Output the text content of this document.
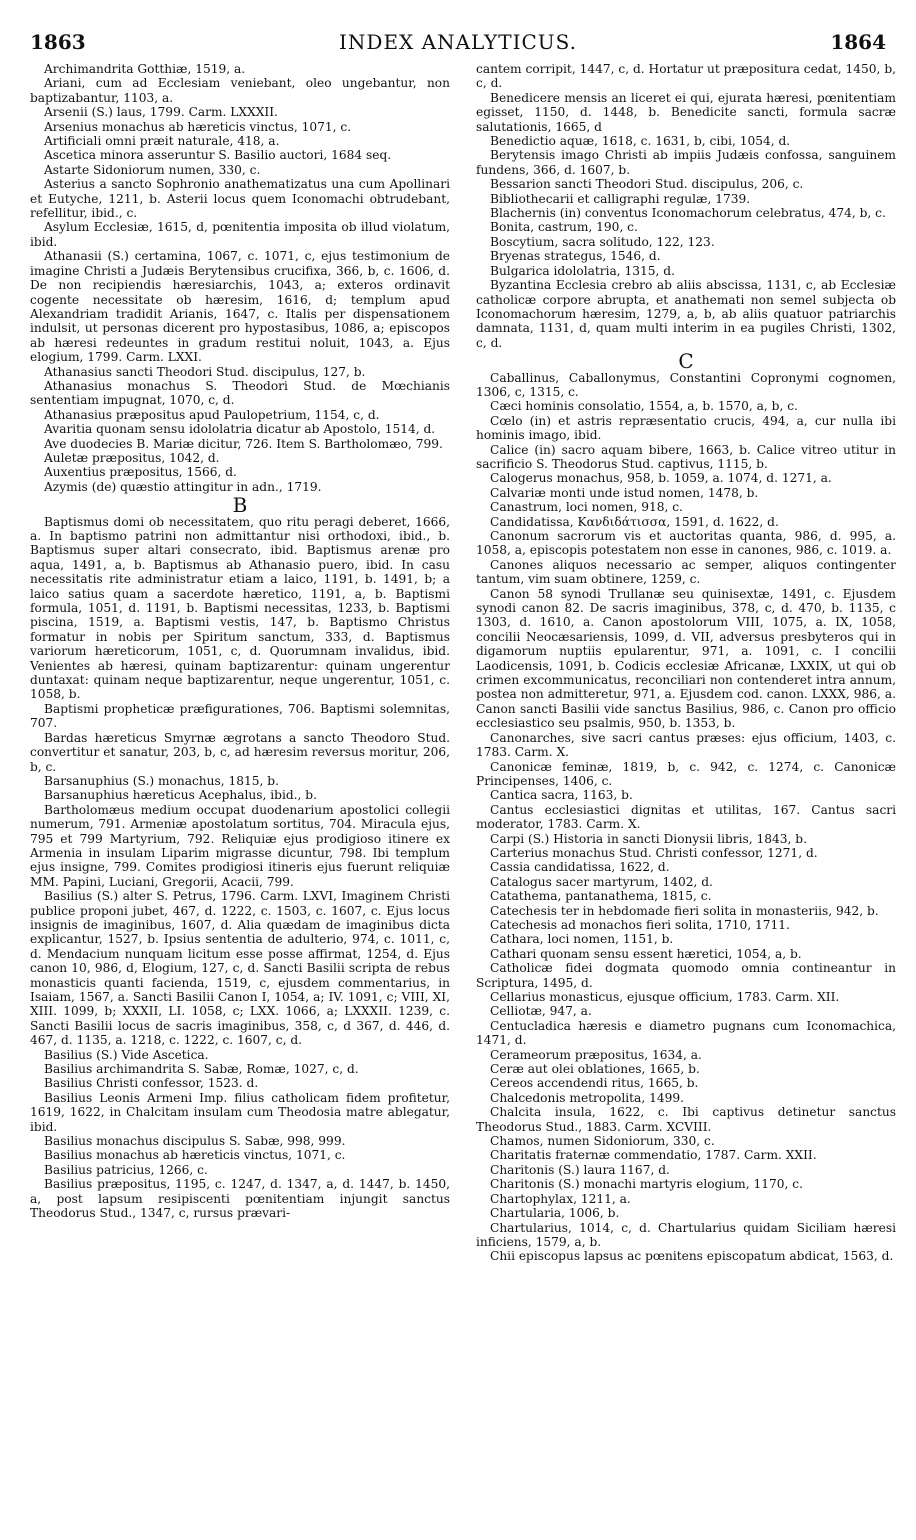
1863	INDEX ANALYTICUS.	1864

Archimandrita Gotthiæ, 1519, a.

Ariani, cum ad Ecclesiam veniebant, oleo ungebantur, non baptizabantur, 1103, a.

Arsenii (S.) laus, 1799. Carm. LXXXII.

Arsenius monachus ab hæreticis vinctus, 1071, c.

Artificiali omni præit naturale, 418, a.

Ascetica minora asseruntur S. Basilio auctori, 1684 seq.

Astarte Sidoniorum numen, 330, c.

Asterius a sancto Sophronio anathematizatus una cum Apollinari et Eutyche, 1211, b. Asterii locus quem Iconomachi obtrudebant, refellitur, ibid., c.

Asylum Ecclesiæ, 1615, d, pœnitentia imposita ob illud violatum, ibid.

Athanasii (S.) certamina, 1067, c. 1071, c, ejus testimonium de imagine Christi a Judæis Berytensibus crucifixa, 366, b, c. 1606, d. De non recipiendis hæresiarchis, 1043, a; exteros ordinavit cogente necessitate ob hæresim, 1616, d; templum apud Alexandriam tradidit Arianis, 1647, c. Italis per dispensationem indulsit, ut personas dicerent pro hypostasibus, 1086, a; episcopos ab hæresi redeuntes in gradum restitui noluit, 1043, a. Ejus elogium, 1799. Carm. LXXI.

Athanasius sancti Theodori Stud. discipulus, 127, b.

Athanasius monachus S. Theodori Stud. de Mœchianis sententiam impugnat, 1070, c, d.

Athanasius præpositus apud Paulopetrium, 1154, c, d.

Avaritia quonam sensu idololatria dicatur ab Apostolo, 1514, d.

Ave duodecies B. Mariæ dicitur, 726. Item S. Bartholomæo, 799.

Auletæ præpositus, 1042, d.

Auxentius præpositus, 1566, d.

Azymis (de) quæstio attingitur in adn., 1719.

B

Baptismus domi ob necessitatem, quo ritu peragi deberet, 1666, a. In baptismo patrini non admittantur nisi orthodoxi, ibid., b. Baptismus super altari consecrato, ibid. Baptismus arenæ pro aqua, 1491, a, b. Baptismus ab Athanasio puero, ibid. In casu necessitatis rite administratur etiam a laico, 1191, b. 1491, b; a laico satius quam a sacerdote hæretico, 1191, a, b. Baptismi formula, 1051, d. 1191, b. Baptismi necessitas, 1233, b. Baptismi piscina, 1519, a. Baptismi vestis, 147, b. Baptismo Christus formatur in nobis per Spiritum sanctum, 333, d. Baptismus variorum hæreticorum, 1051, c, d. Quorumnam invalidus, ibid. Venientes ab hæresi, quinam baptizarentur: quinam ungerentur duntaxat: quinam neque baptizarentur, neque ungerentur, 1051, c. 1058, b.

Baptismi propheticæ præfigurationes, 706. Baptismi solemnitas, 707.

Bardas hæreticus Smyrnæ ægrotans a sancto Theodoro Stud. convertitur et sanatur, 203, b, c, ad hæresim reversus moritur, 206, b, c.

Barsanuphius (S.) monachus, 1815, b.

Barsanuphius hæreticus Acephalus, ibid., b.

Bartholomæus medium occupat duodenarium apostolici collegii numerum, 791. Armeniæ apostolatum sortitus, 704. Miracula ejus, 795 et 799 Martyrium, 792. Reliquiæ ejus prodigioso itinere ex Armenia in insulam Liparim migrasse dicuntur, 798. Ibi templum ejus insigne, 799. Comites prodigiosi itineris ejus fuerunt reliquiæ MM. Papini, Luciani, Gregorii, Acacii, 799.

Basilius (S.) alter S. Petrus, 1796. Carm. LXVI, Imaginem Christi publice proponi jubet, 467, d. 1222, c. 1503, c. 1607, c. Ejus locus insignis de imaginibus, 1607, d. Alia quædam de imaginibus dicta explicantur, 1527, b. Ipsius sententia de adulterio, 974, c. 1011, c, d. Mendacium nunquam licitum esse posse affirmat, 1254, d. Ejus canon 10, 986, d, Elogium, 127, c, d. Sancti Basilii scripta de rebus monasticis quanti facienda, 1519, c, ejusdem commentarius, in Isaiam, 1567, a. Sancti Basilii Canon I, 1054, a; IV. 1091, c; VIII, XI, XIII. 1099, b; XXXII, LI. 1058, c; LXX. 1066, a; LXXXII. 1239, c. Sancti Basilii locus de sacris imaginibus, 358, c, d 367, d. 446, d. 467, d. 1135, a. 1218, c. 1222, c. 1607, c, d.

Basilius (S.) Vide Ascetica.

Basilius archimandrita S. Sabæ, Romæ, 1027, c, d.

Basilius Christi confessor, 1523. d.

Basilius Leonis Armeni Imp. filius catholicam fidem profitetur, 1619, 1622, in Chalcitam insulam cum Theodosia matre ablegatur, ibid.

Basilius monachus discipulus S. Sabæ, 998, 999.

Basilius monachus ab hæreticis vinctus, 1071, c.

Basilius patricius, 1266, c.

Basilius præpositus, 1195, c. 1247, d. 1347, a, d. 1447, b. 1450, a, post lapsum resipiscenti pœnitentiam injungit sanctus Theodorus Stud., 1347, c, rursus prævari-

cantem corripit, 1447, c, d. Hortatur ut præpositura cedat, 1450, b, c, d.

Benedicere mensis an liceret ei qui, ejurata hæresi, pœnitentiam egisset, 1150, d. 1448, b. Benedicite sancti, formula sacræ salutationis, 1665, d

Benedictio aquæ, 1618, c. 1631, b, cibi, 1054, d.

Berytensis imago Christi ab impiis Judæis confossa, sanguinem fundens, 366, d. 1607, b.

Bessarion sancti Theodori Stud. discipulus, 206, c.

Bibliothecarii et calligraphi regulæ, 1739.

Blachernis (in) conventus Iconomachorum celebratus, 474, b, c.

Bonita, castrum, 190, c.

Boscytium, sacra solitudo, 122, 123.

Bryenas strategus, 1546, d.

Bulgarica idololatria, 1315, d.

Byzantina Ecclesia crebro ab aliis abscissa, 1131, c, ab Ecclesiæ catholicæ corpore abrupta, et anathemati non semel subjecta ob Iconomachorum hæresim, 1279, a, b, ab aliis quatuor patriarchis damnata, 1131, d, quam multi interim in ea pugiles Christi, 1302, c, d.

C

Caballinus, Caballonymus, Constantini Copronymi cognomen, 1306, c, 1315, c.

Cæci hominis consolatio, 1554, a, b. 1570, a, b, c.

Cœlo (in) et astris repræsentatio crucis, 494, a, cur nulla ibi hominis imago, ibid.

Calice (in) sacro aquam bibere, 1663, b. Calice vitreo utitur in sacrificio S. Theodorus Stud. captivus, 1115, b.

Calogerus monachus, 958, b. 1059, a. 1074, d. 1271, a.

Calvariæ monti unde istud nomen, 1478, b.

Canastrum, loci nomen, 918, c.

Candidatissa, Κανδιδάτισσα, 1591, d. 1622, d.

Canonum sacrorum vis et auctoritas quanta, 986, d. 995, a. 1058, a, episcopis potestatem non esse in canones, 986, c. 1019. a.

Canones aliquos necessario ac semper, aliquos contingenter tantum, vim suam obtinere, 1259, c.

Canon 58 synodi Trullanæ seu quinisextæ, 1491, c. Ejusdem synodi canon 82. De sacris imaginibus, 378, c, d. 470, b. 1135, c 1303, d. 1610, a. Canon apostolorum VIII, 1075, a. IX, 1058, concilii Neocæsariensis, 1099, d. VII, adversus presbyteros qui in digamorum nuptiis epularentur, 971, a. 1091, c. I concilii Laodicensis, 1091, b. Codicis ecclesiæ Africanæ, LXXIX, ut qui ob crimen excommunicatus, reconciliari non contenderet intra annum, postea non admitteretur, 971, a. Ejusdem cod. canon. LXXX, 986, a. Canon sancti Basilii vide sanctus Basilius, 986, c. Canon pro officio ecclesiastico seu psalmis, 950, b. 1353, b.

Canonarches, sive sacri cantus præses: ejus officium, 1403, c. 1783. Carm. X.

Canonicæ feminæ, 1819, b, c. 942, c. 1274, c. Canonicæ Principenses, 1406, c.

Cantica sacra, 1163, b.

Cantus ecclesiastici dignitas et utilitas, 167. Cantus sacri moderator, 1783. Carm. X.

Carpi (S.) Historia in sancti Dionysii libris, 1843, b.

Carterius monachus Stud. Christi confessor, 1271, d.

Cassia candidatissa, 1622, d.

Catalogus sacer martyrum, 1402, d.

Catathema, pantanathema, 1815, c.

Catechesis ter in hebdomade fieri solita in monasteriis, 942, b.

Catechesis ad monachos fieri solita, 1710, 1711.

Cathara, loci nomen, 1151, b.

Cathari quonam sensu essent hæretici, 1054, a, b.

Catholicæ fidei dogmata quomodo omnia contineantur in Scriptura, 1495, d.

Cellarius monasticus, ejusque officium, 1783. Carm. XII.

Celliotæ, 947, a.

Centucladica hæresis e diametro pugnans cum Iconomachica, 1471, d.

Cerameorum præpositus, 1634, a.

Ceræ aut olei oblationes, 1665, b.

Cereos accendendi ritus, 1665, b.

Chalcedonis metropolita, 1499.

Chalcita insula, 1622, c. Ibi captivus detinetur sanctus Theodorus Stud., 1883. Carm. XCVIII.

Chamos, numen Sidoniorum, 330, c.

Charitatis fraternæ commendatio, 1787. Carm. XXII.

Charitonis (S.) laura 1167, d.

Charitonis (S.) monachi martyris elogium, 1170, c.

Chartophylax, 1211, a.

Chartularia, 1006, b.

Chartularius, 1014, c, d. Chartularius quidam Siciliam hæresi inficiens, 1579, a, b.

Chii episcopus lapsus ac pœnitens episcopatum abdicat, 1563, d.
